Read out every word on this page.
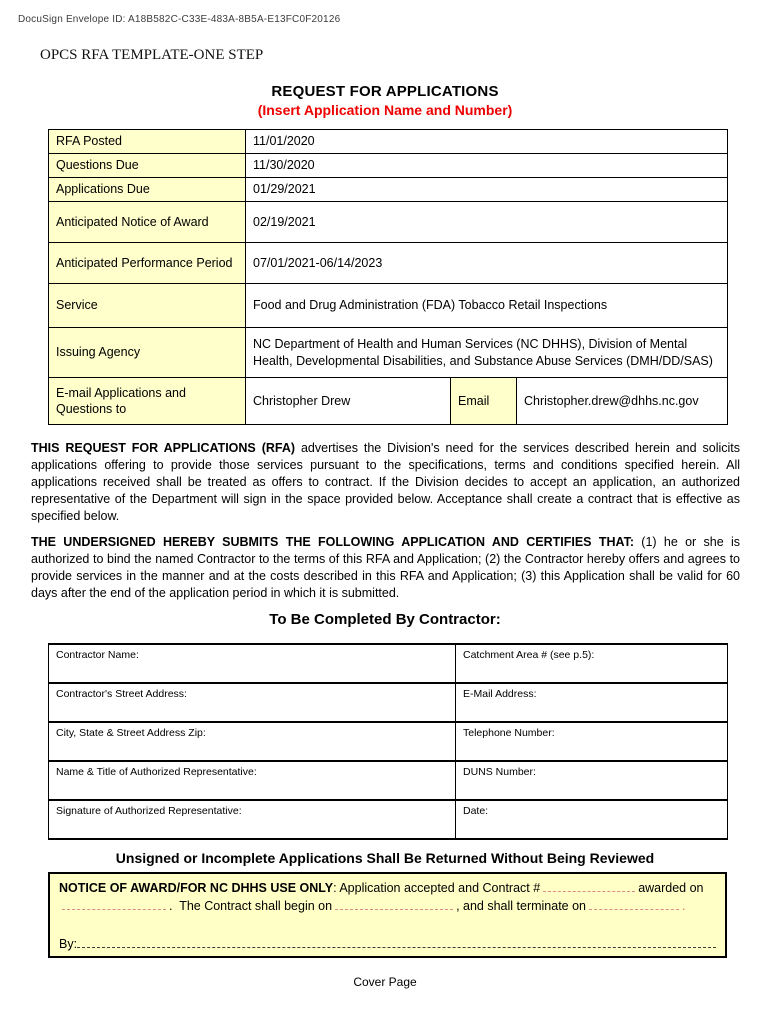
DocuSign Envelope ID: A18B582C-C33E-483A-8B5A-E13FC0F20126
OPCS RFA TEMPLATE-ONE STEP
REQUEST FOR APPLICATIONS
(Insert Application Name and Number)
RFA Posted	11/01/2020		
Questions Due	11/30/2020		
Applications Due	01/29/2021		
Anticipated Notice of Award	02/19/2021		
Anticipated Performance Period	07/01/2021-06/14/2023		
Service	Food and Drug Administration (FDA) Tobacco Retail Inspections		
Issuing Agency	NC Department of Health and Human Services (NC DHHS), Division of Mental Health, Developmental Disabilities, and Substance Abuse Services (DMH/DD/SAS)		
E-mail Applications and Questions to	Christopher Drew	Email	Christopher.drew@dhhs.nc.gov

THIS REQUEST FOR APPLICATIONS (RFA) advertises the Division's need for the services described herein and solicits applications offering to provide those services pursuant to the specifications, terms and conditions specified herein. All applications received shall be treated as offers to contract. If the Division decides to accept an application, an authorized representative of the Department will sign in the space provided below. Acceptance shall create a contract that is effective as specified below.

THE UNDERSIGNED HEREBY SUBMITS THE FOLLOWING APPLICATION AND CERTIFIES THAT: (1) he or she is authorized to bind the named Contractor to the terms of this RFA and Application; (2) the Contractor hereby offers and agrees to provide services in the manner and at the costs described in this RFA and Application; (3) this Application shall be valid for 60 days after the end of the application period in which it is submitted.

To Be Completed By Contractor:
Contractor Name:	Catchment Area # (see p.5):
Contractor's Street Address:	E-Mail Address:
City, State & Street Address Zip:	Telephone Number:
Name & Title of Authorized Representative:	DUNS Number:
Signature of Authorized Representative:	Date:
Unsigned or Incomplete Applications Shall Be Returned Without Being Reviewed
NOTICE OF AWARD/FOR NC DHHS USE ONLY: Application accepted and Contract #	awarded on.  The Contract shall begin on	, and shall terminate on	.
By:
Cover Page
